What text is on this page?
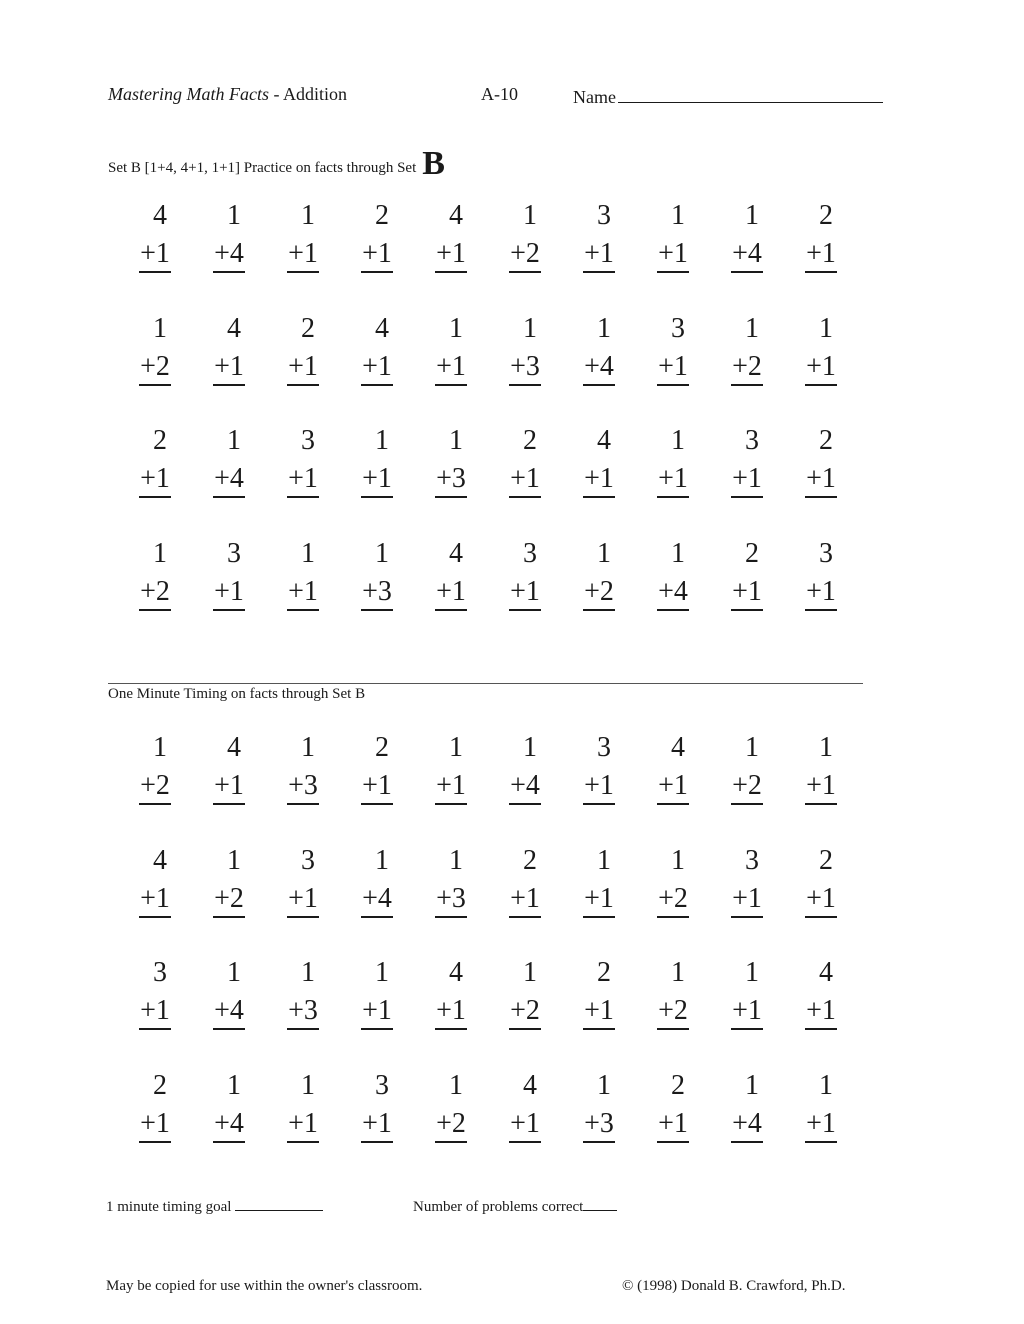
Mastering Math Facts - Addition	A-10	Name
Set B [1+4, 4+1, 1+1] Practice on facts through Set B
4
+1
1
+4
1
+1
2
+1
4
+1
1
+2
3
+1
1
+1
1
+4
2
+1
1
+2
4
+1
2
+1
4
+1
1
+1
1
+3
1
+4
3
+1
1
+2
1
+1
2
+1
1
+4
3
+1
1
+1
1
+3
2
+1
4
+1
1
+1
3
+1
2
+1
1
+2
3
+1
1
+1
1
+3
4
+1
3
+1
1
+2
1
+4
2
+1
3
+1
One Minute Timing on facts through Set B
1
+2
4
+1
1
+3
2
+1
1
+1
1
+4
3
+1
4
+1
1
+2
1
+1
4
+1
1
+2
3
+1
1
+4
1
+3
2
+1
1
+1
1
+2
3
+1
2
+1
3
+1
1
+4
1
+3
1
+1
4
+1
1
+2
2
+1
1
+2
1
+1
4
+1
2
+1
1
+4
1
+1
3
+1
1
+2
4
+1
1
+3
2
+1
1
+4
1
+1
1 minute timing goal	Number of problems correct
May be copied for use within the owner's classroom.	© (1998) Donald B. Crawford, Ph.D.
